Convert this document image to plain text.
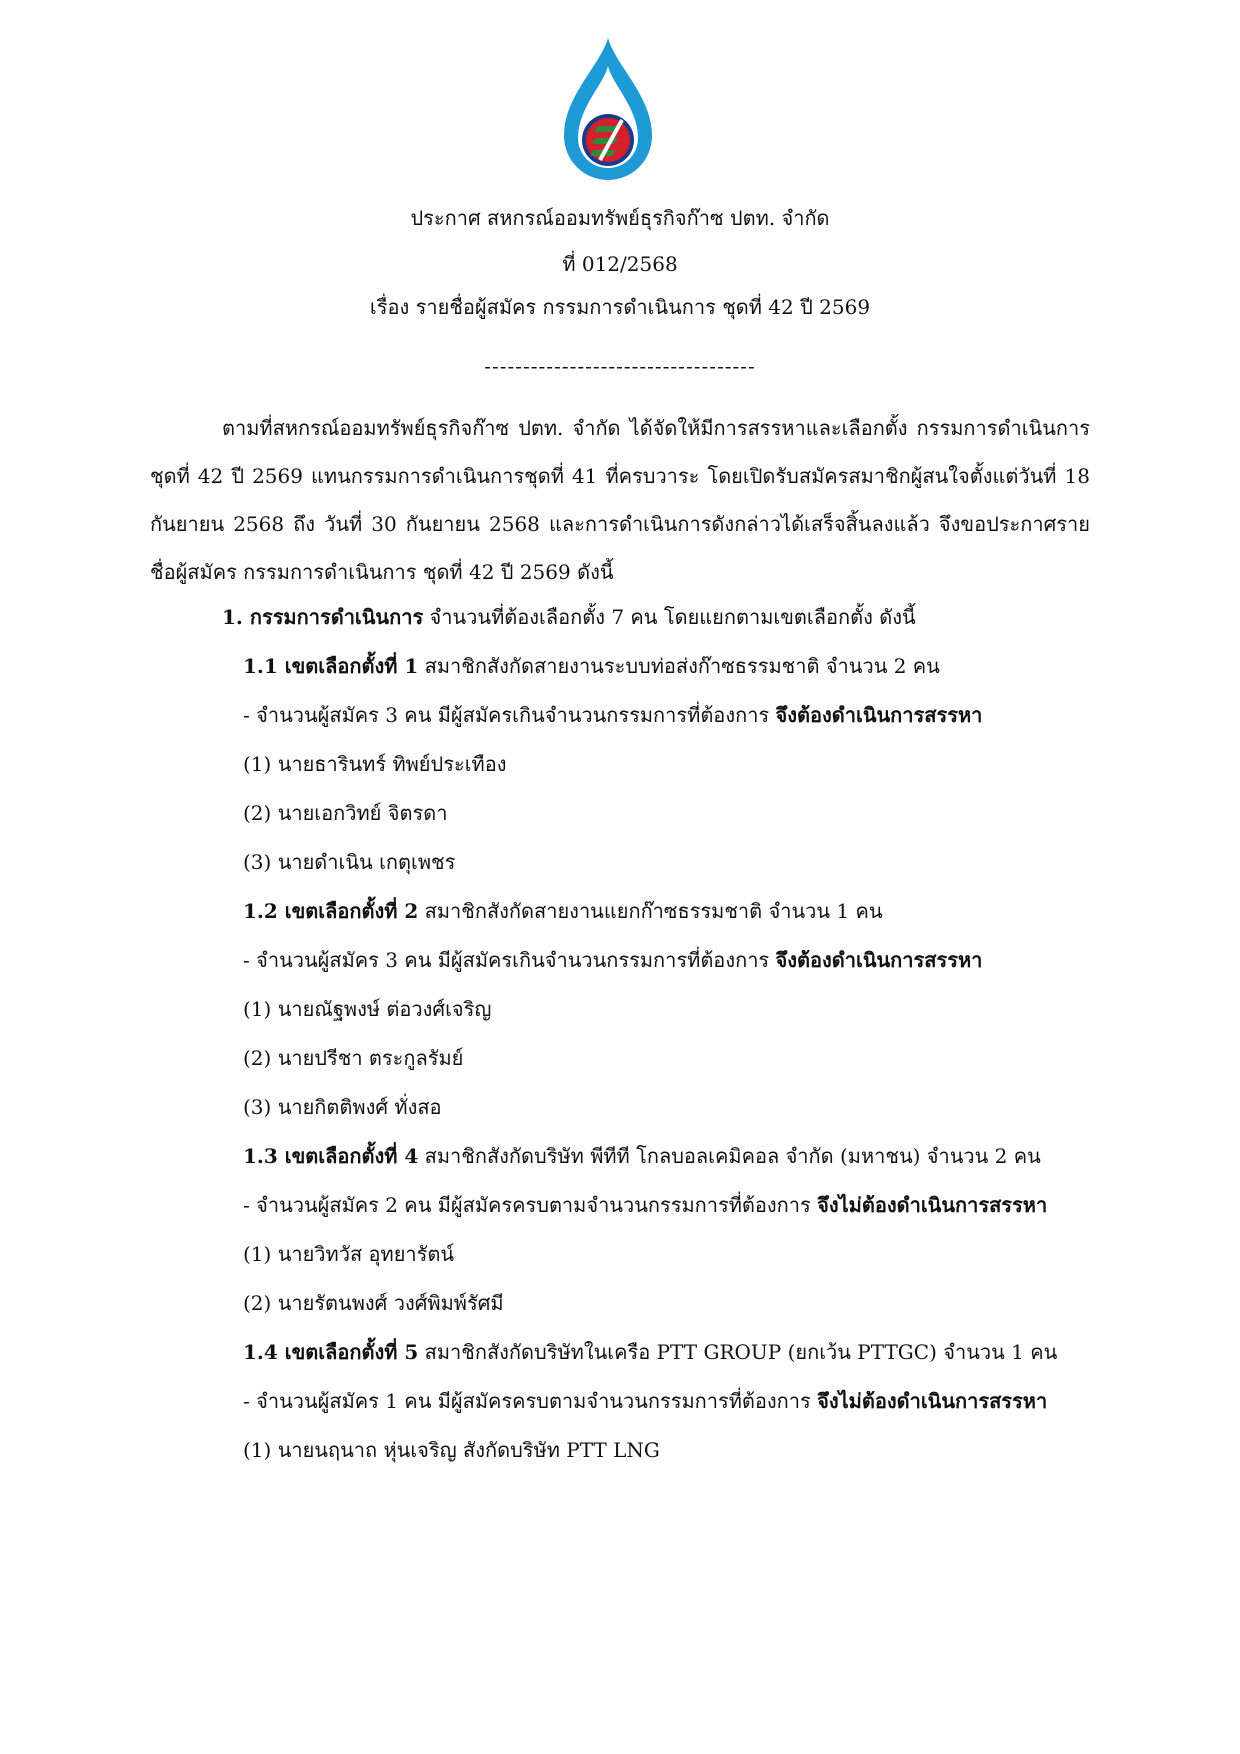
ประกาศ สหกรณ์ออมทรัพย์ธุรกิจก๊าซ ปตท. จำกัด
ที่ 012/2568
เรื่อง รายชื่อผู้สมัคร กรรมการดำเนินการ ชุดที่ 42 ปี 2569
-----------------------------------

ตามที่สหกรณ์ออมทรัพย์ธุรกิจก๊าซ ปตท. จำกัด ได้จัดให้มีการสรรหาและเลือกตั้ง กรรมการดำเนินการ ชุดที่ 42 ปี 2569 แทนกรรมการดำเนินการชุดที่ 41 ที่ครบวาระ โดยเปิดรับสมัครสมาชิกผู้สนใจตั้งแต่วันที่ 18 กันยายน 2568 ถึง วันที่ 30 กันยายน 2568 และการดำเนินการดังกล่าวได้เสร็จสิ้นลงแล้ว จึงขอประกาศรายชื่อผู้สมัคร กรรมการดำเนินการ ชุดที่ 42 ปี 2569 ดังนี้

1. กรรมการดำเนินการ จำนวนที่ต้องเลือกตั้ง 7 คน โดยแยกตามเขตเลือกตั้ง ดังนี้

1.1 เขตเลือกตั้งที่ 1 สมาชิกสังกัดสายงานระบบท่อส่งก๊าซธรรมชาติ จำนวน 2 คน

- จำนวนผู้สมัคร 3 คน มีผู้สมัครเกินจำนวนกรรมการที่ต้องการ จึงต้องดำเนินการสรรหา

(1) นายธารินทร์ ทิพย์ประเทือง

(2) นายเอกวิทย์ จิตรดา

(3) นายดำเนิน เกตุเพชร

1.2 เขตเลือกตั้งที่ 2 สมาชิกสังกัดสายงานแยกก๊าซธรรมชาติ จำนวน 1 คน

- จำนวนผู้สมัคร 3 คน มีผู้สมัครเกินจำนวนกรรมการที่ต้องการ จึงต้องดำเนินการสรรหา

(1) นายณัฐพงษ์ ต่อวงศ์เจริญ

(2) นายปรีชา ตระกูลรัมย์

(3) นายกิตติพงศ์ ทั่งสอ

1.3 เขตเลือกตั้งที่ 4 สมาชิกสังกัดบริษัท พีทีที โกลบอลเคมิคอล จำกัด (มหาชน) จำนวน 2 คน

- จำนวนผู้สมัคร 2 คน มีผู้สมัครครบตามจำนวนกรรมการที่ต้องการ จึงไม่ต้องดำเนินการสรรหา

(1) นายวิทวัส อุทยารัตน์

(2) นายรัตนพงศ์ วงศ์พิมพ์รัศมี

1.4 เขตเลือกตั้งที่ 5 สมาชิกสังกัดบริษัทในเครือ PTT GROUP (ยกเว้น PTTGC) จำนวน 1 คน

- จำนวนผู้สมัคร 1 คน มีผู้สมัครครบตามจำนวนกรรมการที่ต้องการ จึงไม่ต้องดำเนินการสรรหา

(1) นายนฤนาถ หุ่นเจริญ สังกัดบริษัท PTT LNG
